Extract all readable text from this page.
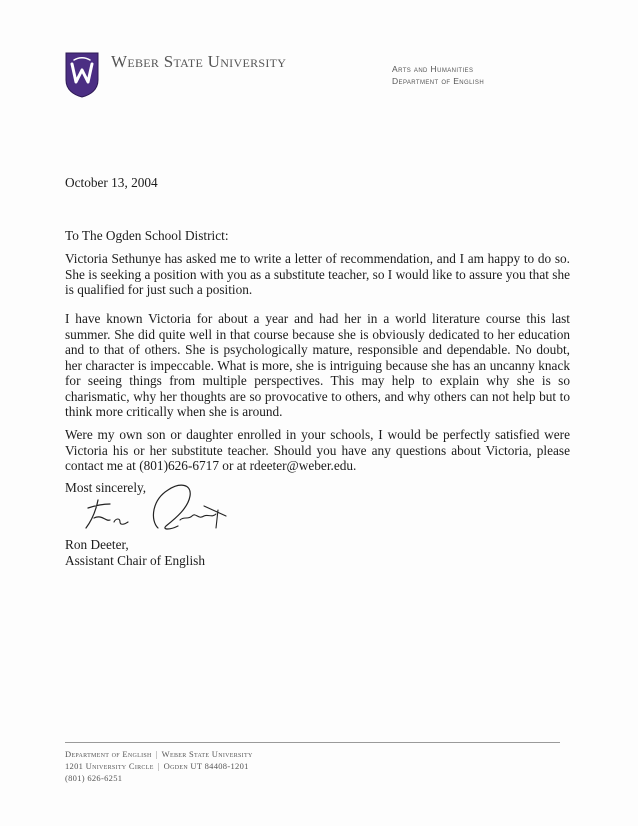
Weber State University	Arts and Humanities
Department of English
October 13, 2004
To The Ogden School District:
Victoria Sethunye has asked me to write a letter of recommendation, and I am happy to do so. She is seeking a position with you as a substitute teacher, so I would like to assure you that she is qualified for just such a position.
I have known Victoria for about a year and had her in a world literature course this last summer. She did quite well in that course because she is obviously dedicated to her education and to that of others. She is psychologically mature, responsible and dependable. No doubt, her character is impeccable. What is more, she is intriguing because she has an uncanny knack for seeing things from multiple perspectives. This may help to explain why she is so charismatic, why her thoughts are so provocative to others, and why others can not help but to think more critically when she is around.
Were my own son or daughter enrolled in your schools, I would be perfectly satisfied were Victoria his or her substitute teacher. Should you have any questions about Victoria, please contact me at (801)626-6717 or at rdeeter@weber.edu.
Most sincerely,
Ron Deeter,
Assistant Chair of English
Department of English | Weber State University
1201 University Circle | Ogden UT 84408-1201
(801) 626-6251
